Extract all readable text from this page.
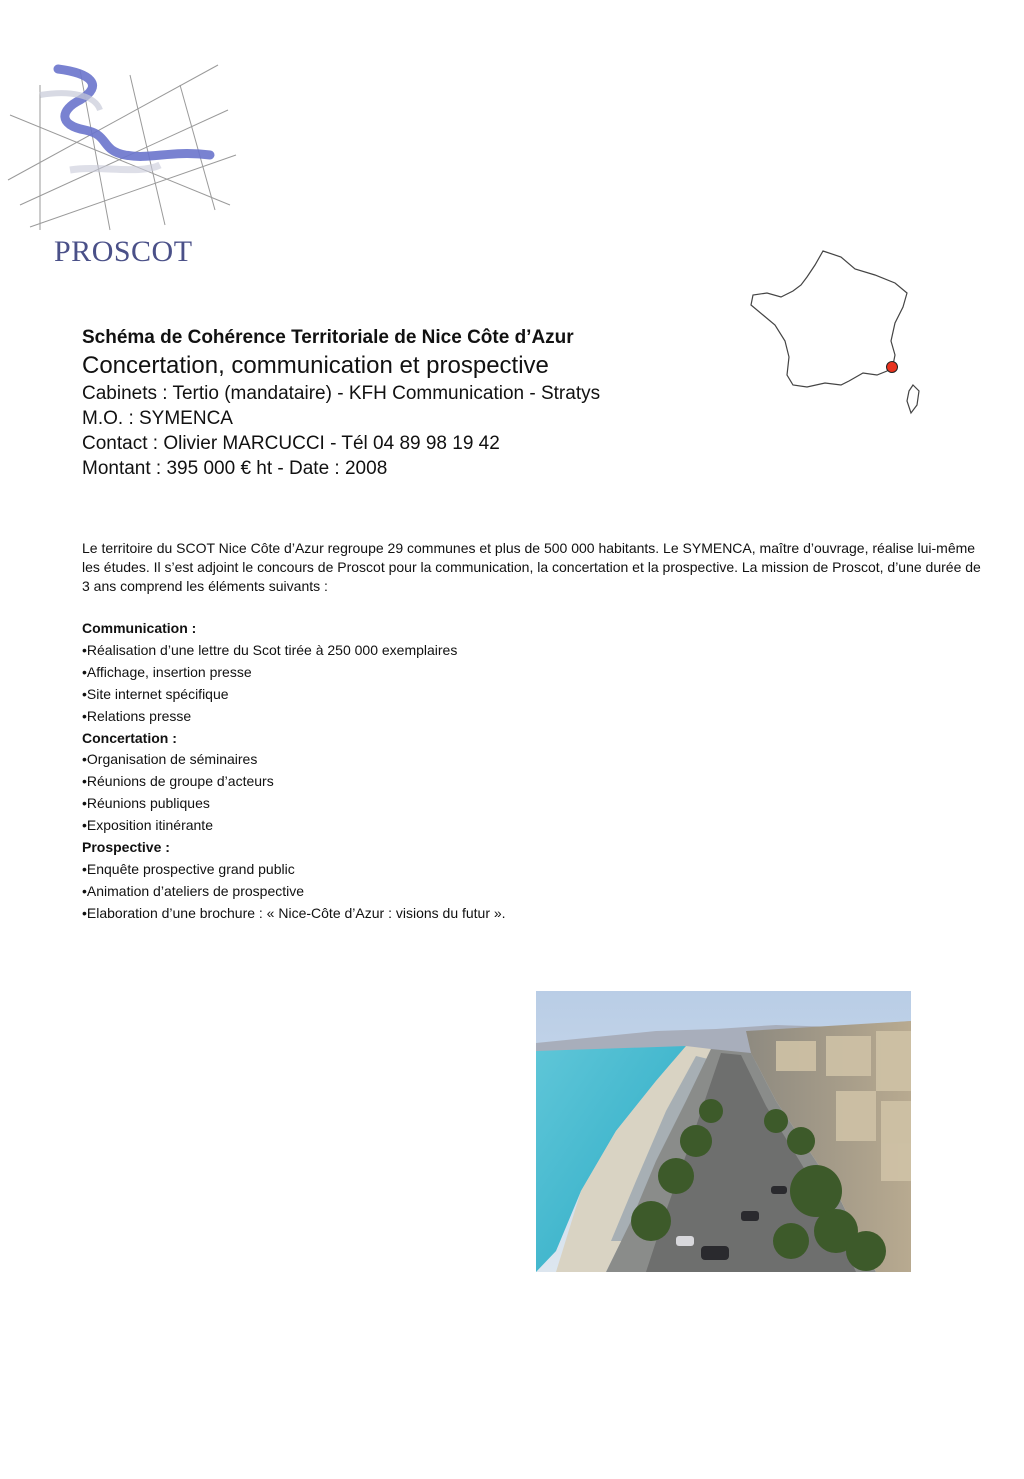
PROSCOT
Schéma de Cohérence Territoriale de Nice Côte d’Azur
Concertation, communication et prospective
Cabinets : Tertio (mandataire) - KFH Communication - Stratys
M.O. : SYMENCA
Contact : Olivier MARCUCCI - Tél 04 89 98 19 42
Montant : 395 000 € ht - Date : 2008
Le territoire du SCOT Nice Côte d’Azur regroupe 29 communes et plus de 500 000 habitants. Le SYMENCA, maître d’ouvrage, réalise lui-même les études. Il s’est adjoint le concours de Proscot pour la communication, la concertation et la prospective. La mission de Proscot, d’une durée de 3 ans comprend les éléments suivants :
Communication :
•Réalisation d’une lettre du Scot tirée à 250 000 exemplaires
•Affichage, insertion presse
•Site internet spécifique
•Relations presse
Concertation :
•Organisation de séminaires
•Réunions de groupe d’acteurs
•Réunions publiques
•Exposition itinérante
Prospective :
•Enquête prospective grand public
•Animation d’ateliers de prospective
•Elaboration d’une brochure : « Nice-Côte d’Azur : visions du futur ».
